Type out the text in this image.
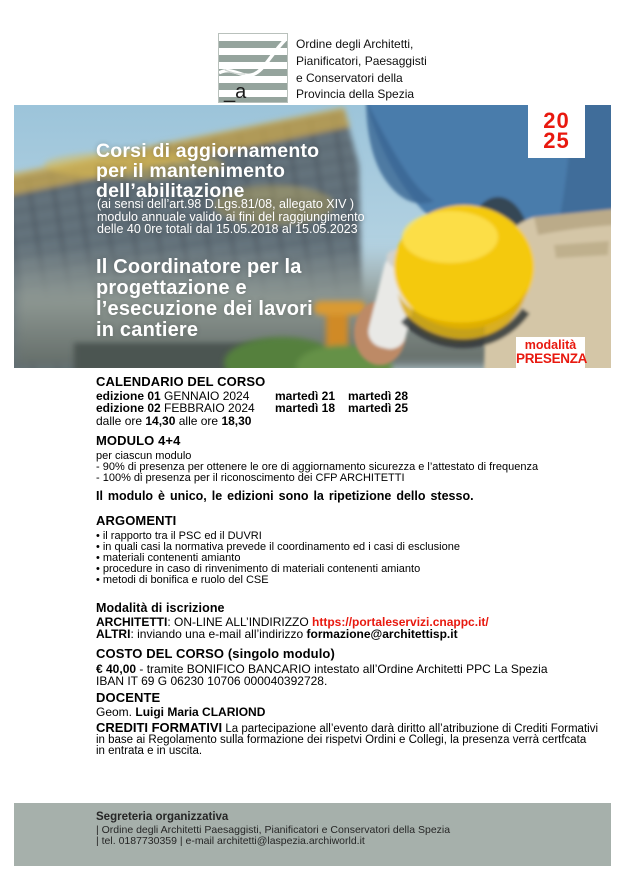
_a
Ordine degli Architetti,
Pianificatori, Paesaggisti
e Conservatori della
Provincia della Spezia
Corsi di aggiornamento
per il mantenimento
dell’abilitazione
(ai sensi dell’art.98 D.Lgs.81/08, allegato XIV )
modulo annuale valido ai fini del raggiungimento
delle 40 0re totali dal 15.05.2018 al 15.05.2023
Il Coordinatore per la
progettazione e
l’esecuzione dei lavori
in cantiere
20
25
modalità
PRESENZA
CALENDARIO DEL CORSO
edizione 01 GENNAIO 2024	martedì 21	martedì 28
edizione 02 FEBBRAIO 2024	martedì 18	martedì 25
dalle ore 14,30 alle ore 18,30
MODULO 4+4
per ciascun modulo
- 90% di presenza per ottenere le ore di aggiornamento sicurezza e l’attestato di frequenza
- 100% di presenza per il riconoscimento dei CFP ARCHITETTI
Il modulo è unico, le edizioni sono la ripetizione dello stesso.
ARGOMENTI
• il rapporto tra il PSC ed il DUVRI
• in quali casi la normativa prevede il coordinamento ed i casi di esclusione
• materiali contenenti amianto
• procedure in caso di rinvenimento di materiali contenenti amianto
• metodi di bonifica e ruolo del CSE
Modalità di iscrizione
ARCHITETTI: ON-LINE ALL’INDIRIZZO https://portaleservizi.cnappc.it/
ALTRI: inviando una e-mail all’indirizzo formazione@architettisp.it
COSTO DEL CORSO (singolo modulo)
€ 40,00 - tramite BONIFICO BANCARIO intestato all’Ordine Architetti PPC La Spezia
IBAN IT 69 G 06230 10706 000040392728.
DOCENTE
Geom. Luigi Maria CLARIOND
CREDITI FORMATIVI La partecipazione all’evento darà diritto all’atribuzione di Crediti Formativi
in base ai Regolamento sulla formazione dei rispetvi Ordini e Collegi, la presenza verrà certfcata
in entrata e in uscita.
Segreteria organizzativa
| Ordine degli Architetti Paesaggisti, Pianificatori e Conservatori della Spezia
| tel. 0187730359 | e-mail architetti@laspezia.archiworld.it
